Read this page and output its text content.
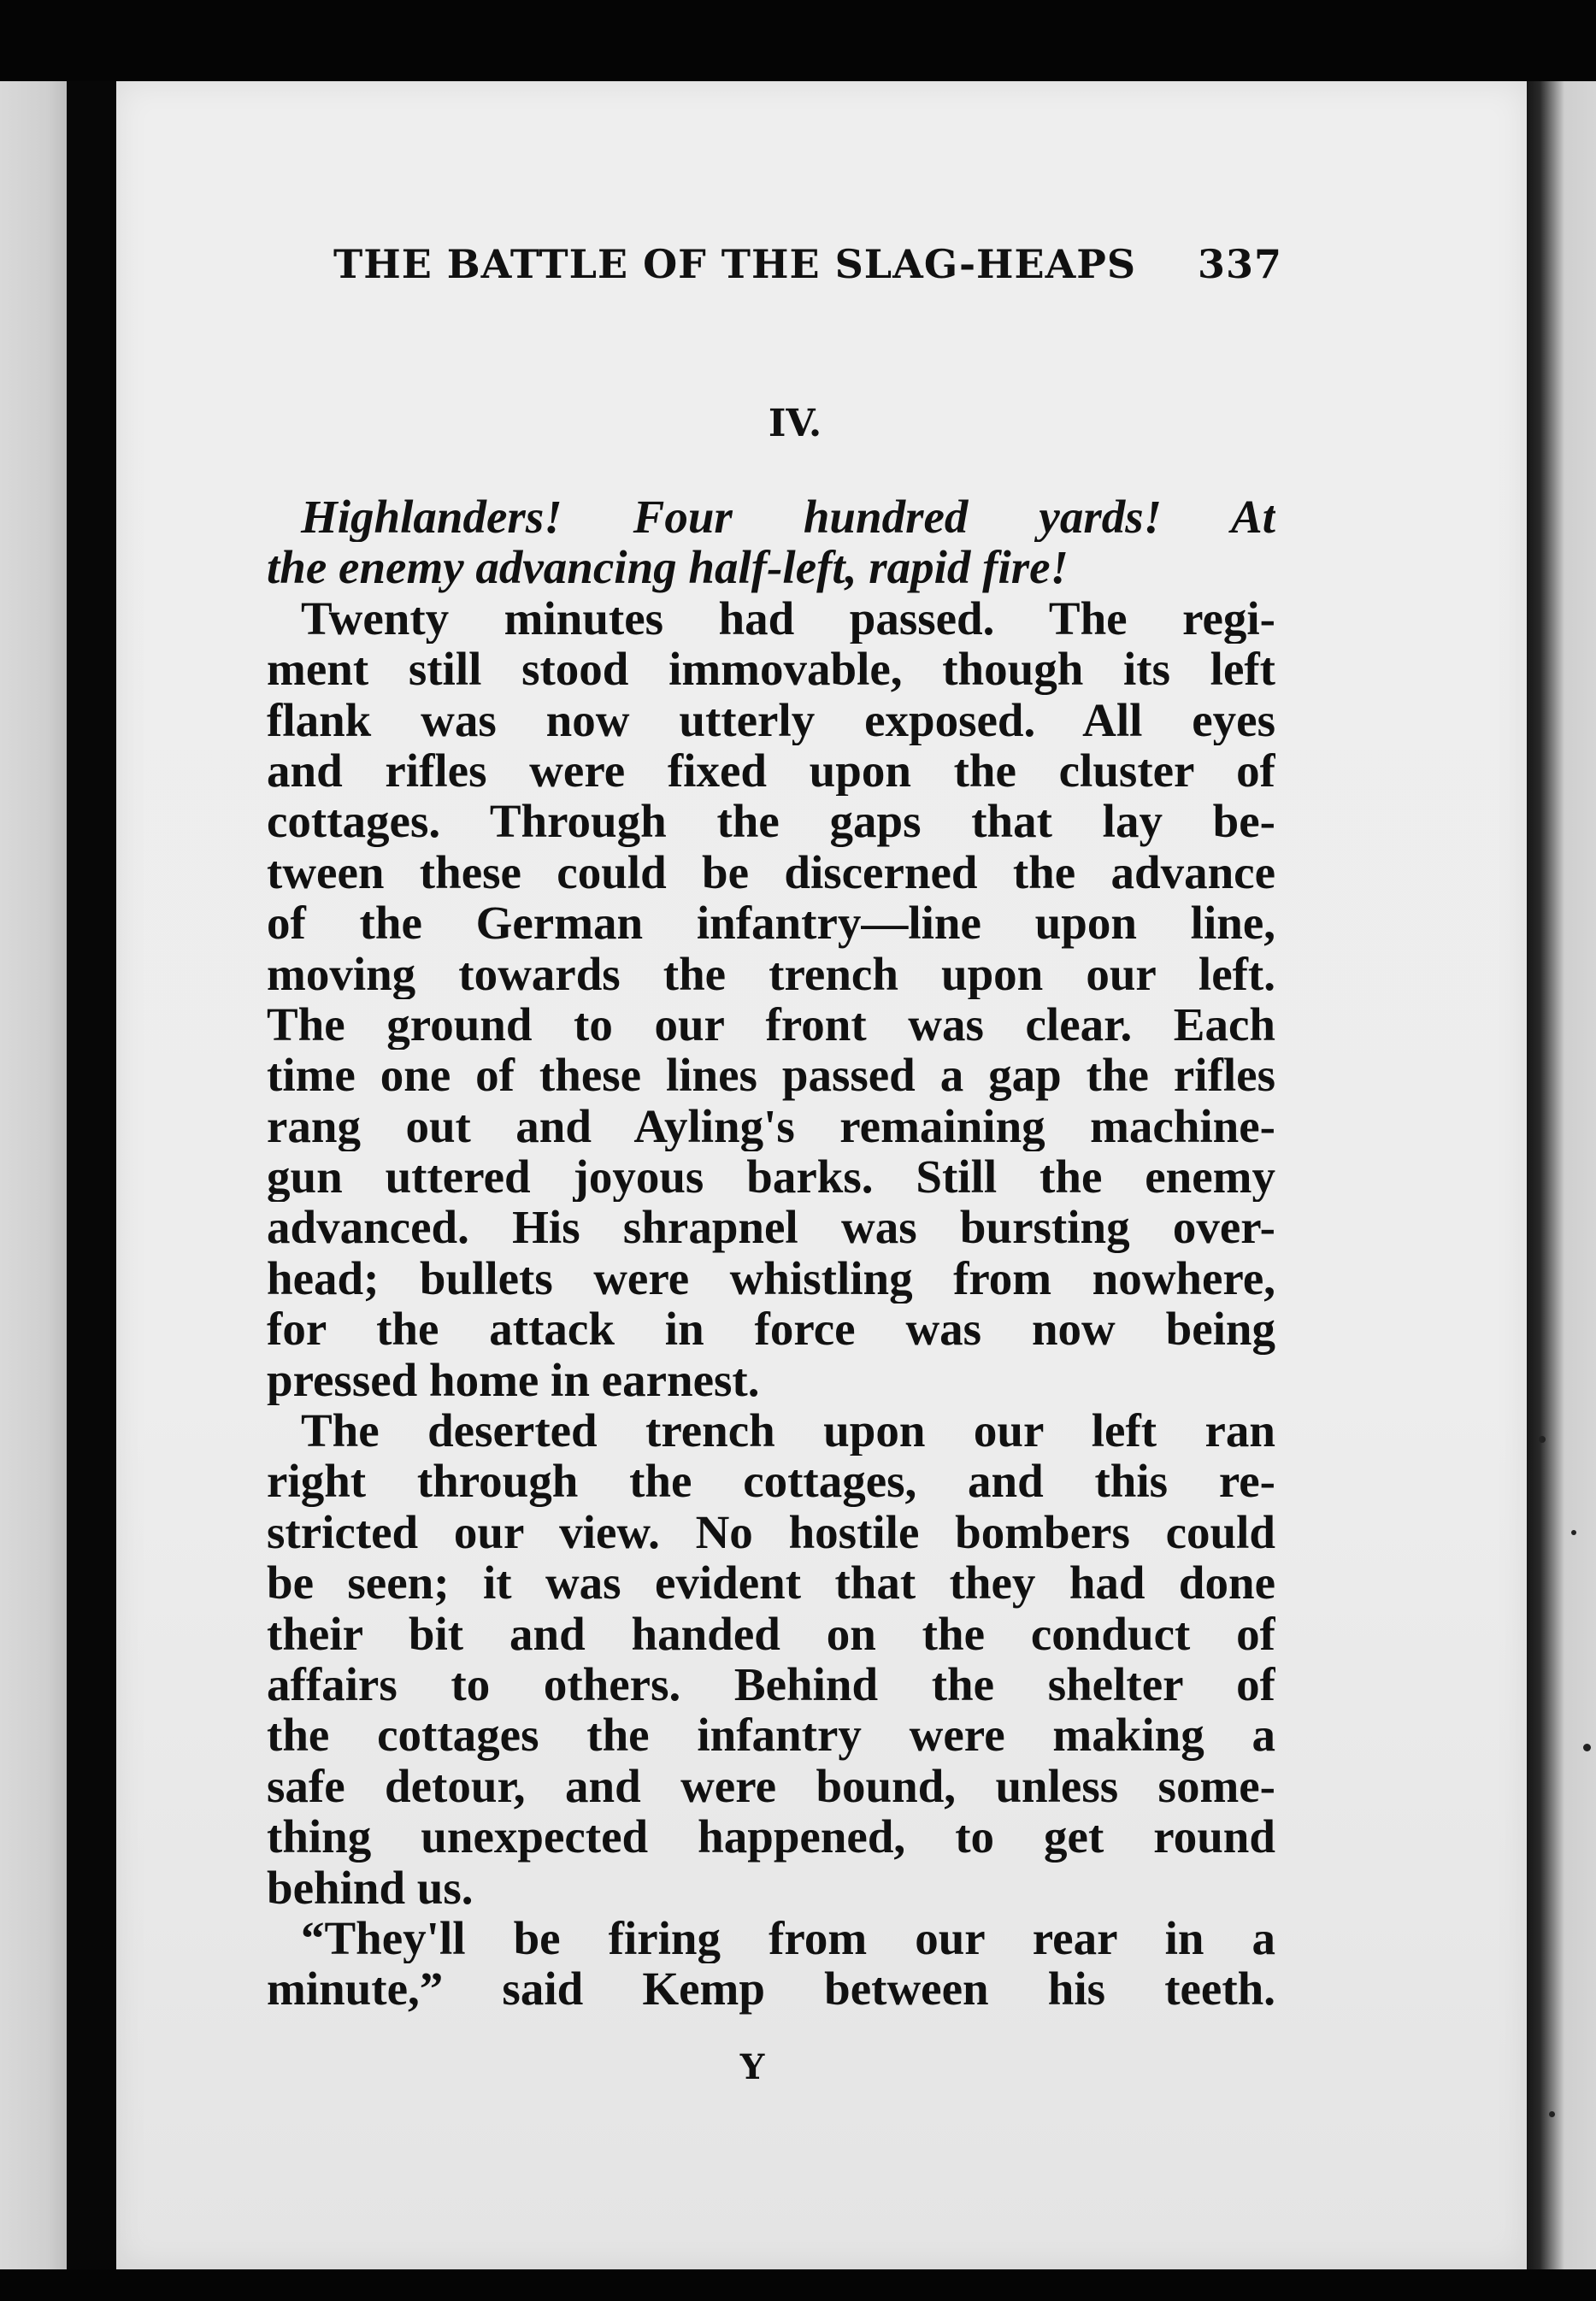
THE BATTLE OF THE SLAG-HEAPS 337
IV.
Highlanders! Four hundred yards! At
the enemy advancing half-left, rapid fire!
Twenty minutes had passed. The regi-
ment still stood immovable, though its left
flank was now utterly exposed. All eyes
and rifles were fixed upon the cluster of
cottages. Through the gaps that lay be-
tween these could be discerned the advance
of the German infantry—line upon line,
moving towards the trench upon our left.
The ground to our front was clear. Each
time one of these lines passed a gap the rifles
rang out and Ayling's remaining machine-
gun uttered joyous barks. Still the enemy
advanced. His shrapnel was bursting over-
head; bullets were whistling from nowhere,
for the attack in force was now being
pressed home in earnest.
The deserted trench upon our left ran
right through the cottages, and this re-
stricted our view. No hostile bombers could
be seen; it was evident that they had done
their bit and handed on the conduct of
affairs to others. Behind the shelter of
the cottages the infantry were making a
safe detour, and were bound, unless some-
thing unexpected happened, to get round
behind us.
“They'll be firing from our rear in a
minute,” said Kemp between his teeth.
Y
